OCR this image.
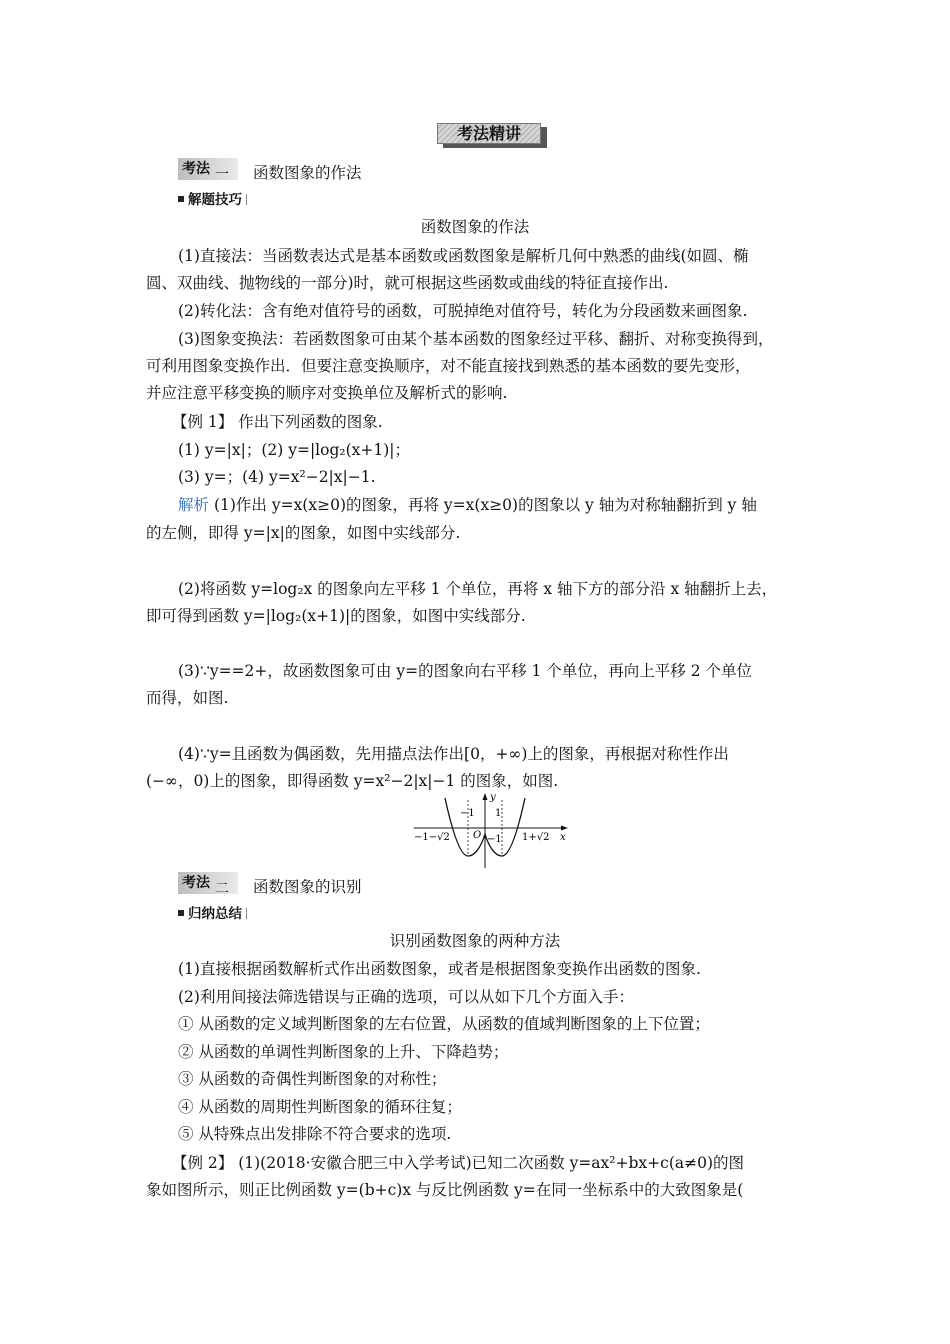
考法精讲
考法 一 函数图象的作法
解题技巧
函数图象的作法
(1)直接法：当函数表达式是基本函数或函数图象是解析几何中熟悉的曲线(如圆、椭
圆、双曲线、抛物线的一部分)时，就可根据这些函数或曲线的特征直接作出.
(2)转化法：含有绝对值符号的函数，可脱掉绝对值符号，转化为分段函数来画图象.
(3)图象变换法：若函数图象可由某个基本函数的图象经过平移、翻折、对称变换得到，
可利用图象变换作出．但要注意变换顺序，对不能直接找到熟悉的基本函数的要先变形，
并应注意平移变换的顺序对变换单位及解析式的影响.
【例 1】 作出下列函数的图象.
(1) y=|x|；(2) y=|log₂(x+1)|；
(3) y=；(4) y=x²−2|x|−1.
解析 (1)作出 y=x(x≥0)的图象，再将 y=x(x≥0)的图象以 y 轴为对称轴翻折到 y 轴
的左侧，即得 y=|x|的图象，如图中实线部分.
(2)将函数 y=log₂x 的图象向左平移 1 个单位，再将 x 轴下方的部分沿 x 轴翻折上去，
即可得到函数 y=|log₂(x+1)|的图象，如图中实线部分.
(3)∵y==2+，故函数图象可由 y=的图象向右平移 1 个单位，再向上平移 2 个单位
而得，如图.
(4)∵y=且函数为偶函数，先用描点法作出[0，+∞)上的图象，再根据对称性作出
(−∞，0)上的图象，即得函数 y=x²−2|x|−1 的图象，如图.
y
x
O
−1 1
−1
−1−√2	1+√2
考法 二 函数图象的识别
归纳总结
识别函数图象的两种方法
(1)直接根据函数解析式作出函数图象，或者是根据图象变换作出函数的图象.
(2)利用间接法筛选错误与正确的选项，可以从如下几个方面入手：
① 从函数的定义域判断图象的左右位置，从函数的值域判断图象的上下位置；
② 从函数的单调性判断图象的上升、下降趋势；
③ 从函数的奇偶性判断图象的对称性；
④ 从函数的周期性判断图象的循环往复；
⑤ 从特殊点出发排除不符合要求的选项.
【例 2】 (1)(2018·安徽合肥三中入学考试)已知二次函数 y=ax²+bx+c(a≠0)的图
象如图所示，则正比例函数 y=(b+c)x 与反比例函数 y=在同一坐标系中的大致图象是(
